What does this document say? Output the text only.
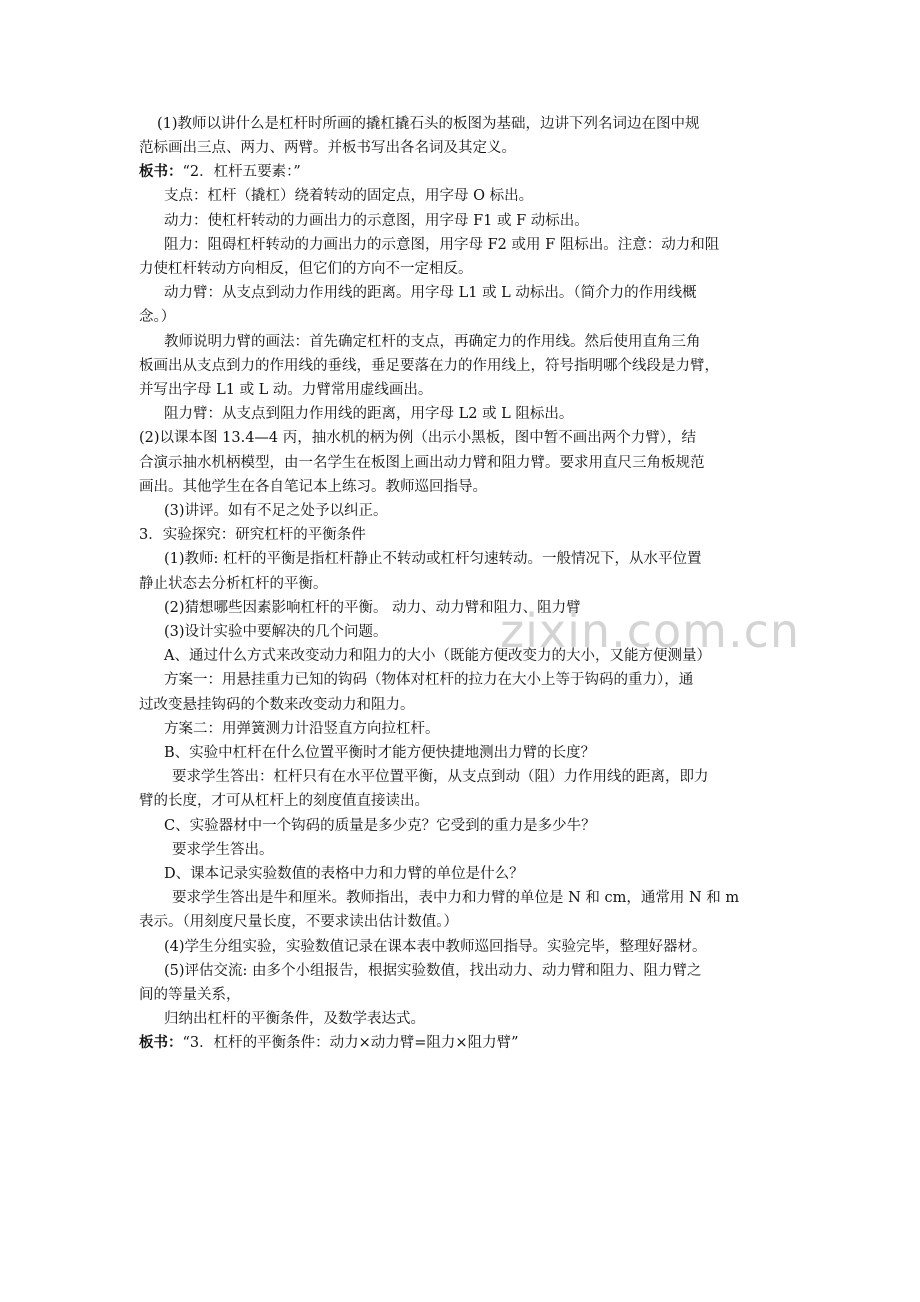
zixin.com.cn
(1)教师以讲什么是杠杆时所画的撬杠撬石头的板图为基础，边讲下列名词边在图中规
范标画出三点、两力、两臂。并板书写出各名词及其定义。
板书：“2．杠杆五要素：”
支点：杠杆（撬杠）绕着转动的固定点，用字母 O 标出。
动力：使杠杆转动的力画出力的示意图，用字母 F1 或 F 动标出。
阻力：阻碍杠杆转动的力画出力的示意图，用字母 F2 或用 F 阻标出。注意：动力和阻
力使杠杆转动方向相反，但它们的方向不一定相反。
动力臂：从支点到动力作用线的距离。用字母 L1 或 L 动标出。（简介力的作用线概
念。）
教师说明力臂的画法：首先确定杠杆的支点，再确定力的作用线。然后使用直角三角
板画出从支点到力的作用线的垂线，垂足要落在力的作用线上，符号指明哪个线段是力臂，
并写出字母 L1 或 L 动。力臂常用虚线画出。
阻力臂：从支点到阻力作用线的距离，用字母 L2 或 L 阻标出。
(2)以课本图 13.4—4 丙，抽水机的柄为例（出示小黑板，图中暂不画出两个力臂），结
合演示抽水机柄模型，由一名学生在板图上画出动力臂和阻力臂。要求用直尺三角板规范
画出。其他学生在各自笔记本上练习。教师巡回指导。
(3)讲评。如有不足之处予以纠正。
3．实验探究：研究杠杆的平衡条件
(1)教师: 杠杆的平衡是指杠杆静止不转动或杠杆匀速转动。一般情况下，从水平位置
静止状态去分析杠杆的平衡。
(2)猜想哪些因素影响杠杆的平衡。 动力、动力臂和阻力、阻力臂
(3)设计实验中要解决的几个问题。
A、通过什么方式来改变动力和阻力的大小（既能方便改变力的大小，又能方便测量）
方案一：用悬挂重力已知的钩码（物体对杠杆的拉力在大小上等于钩码的重力），通
过改变悬挂钩码的个数来改变动力和阻力。
方案二：用弹簧测力计沿竖直方向拉杠杆。
B、实验中杠杆在什么位置平衡时才能方便快捷地测出力臂的长度？
要求学生答出：杠杆只有在水平位置平衡，从支点到动（阻）力作用线的距离，即力
臂的长度，才可从杠杆上的刻度值直接读出。
C、实验器材中一个钩码的质量是多少克？它受到的重力是多少牛？
要求学生答出。
D、课本记录实验数值的表格中力和力臂的单位是什么？
要求学生答出是牛和厘米。教师指出，表中力和力臂的单位是 N 和 cm，通常用 N 和 m
表示。（用刻度尺量长度，不要求读出估计数值。）
(4)学生分组实验，实验数值记录在课本表中教师巡回指导。实验完毕，整理好器材。
(5)评估交流: 由多个小组报告，根据实验数值，找出动力、动力臂和阻力、阻力臂之
间的等量关系，
归纳出杠杆的平衡条件，及数学表达式。
板书：“3．杠杆的平衡条件：动力×动力臂=阻力×阻力臂”
